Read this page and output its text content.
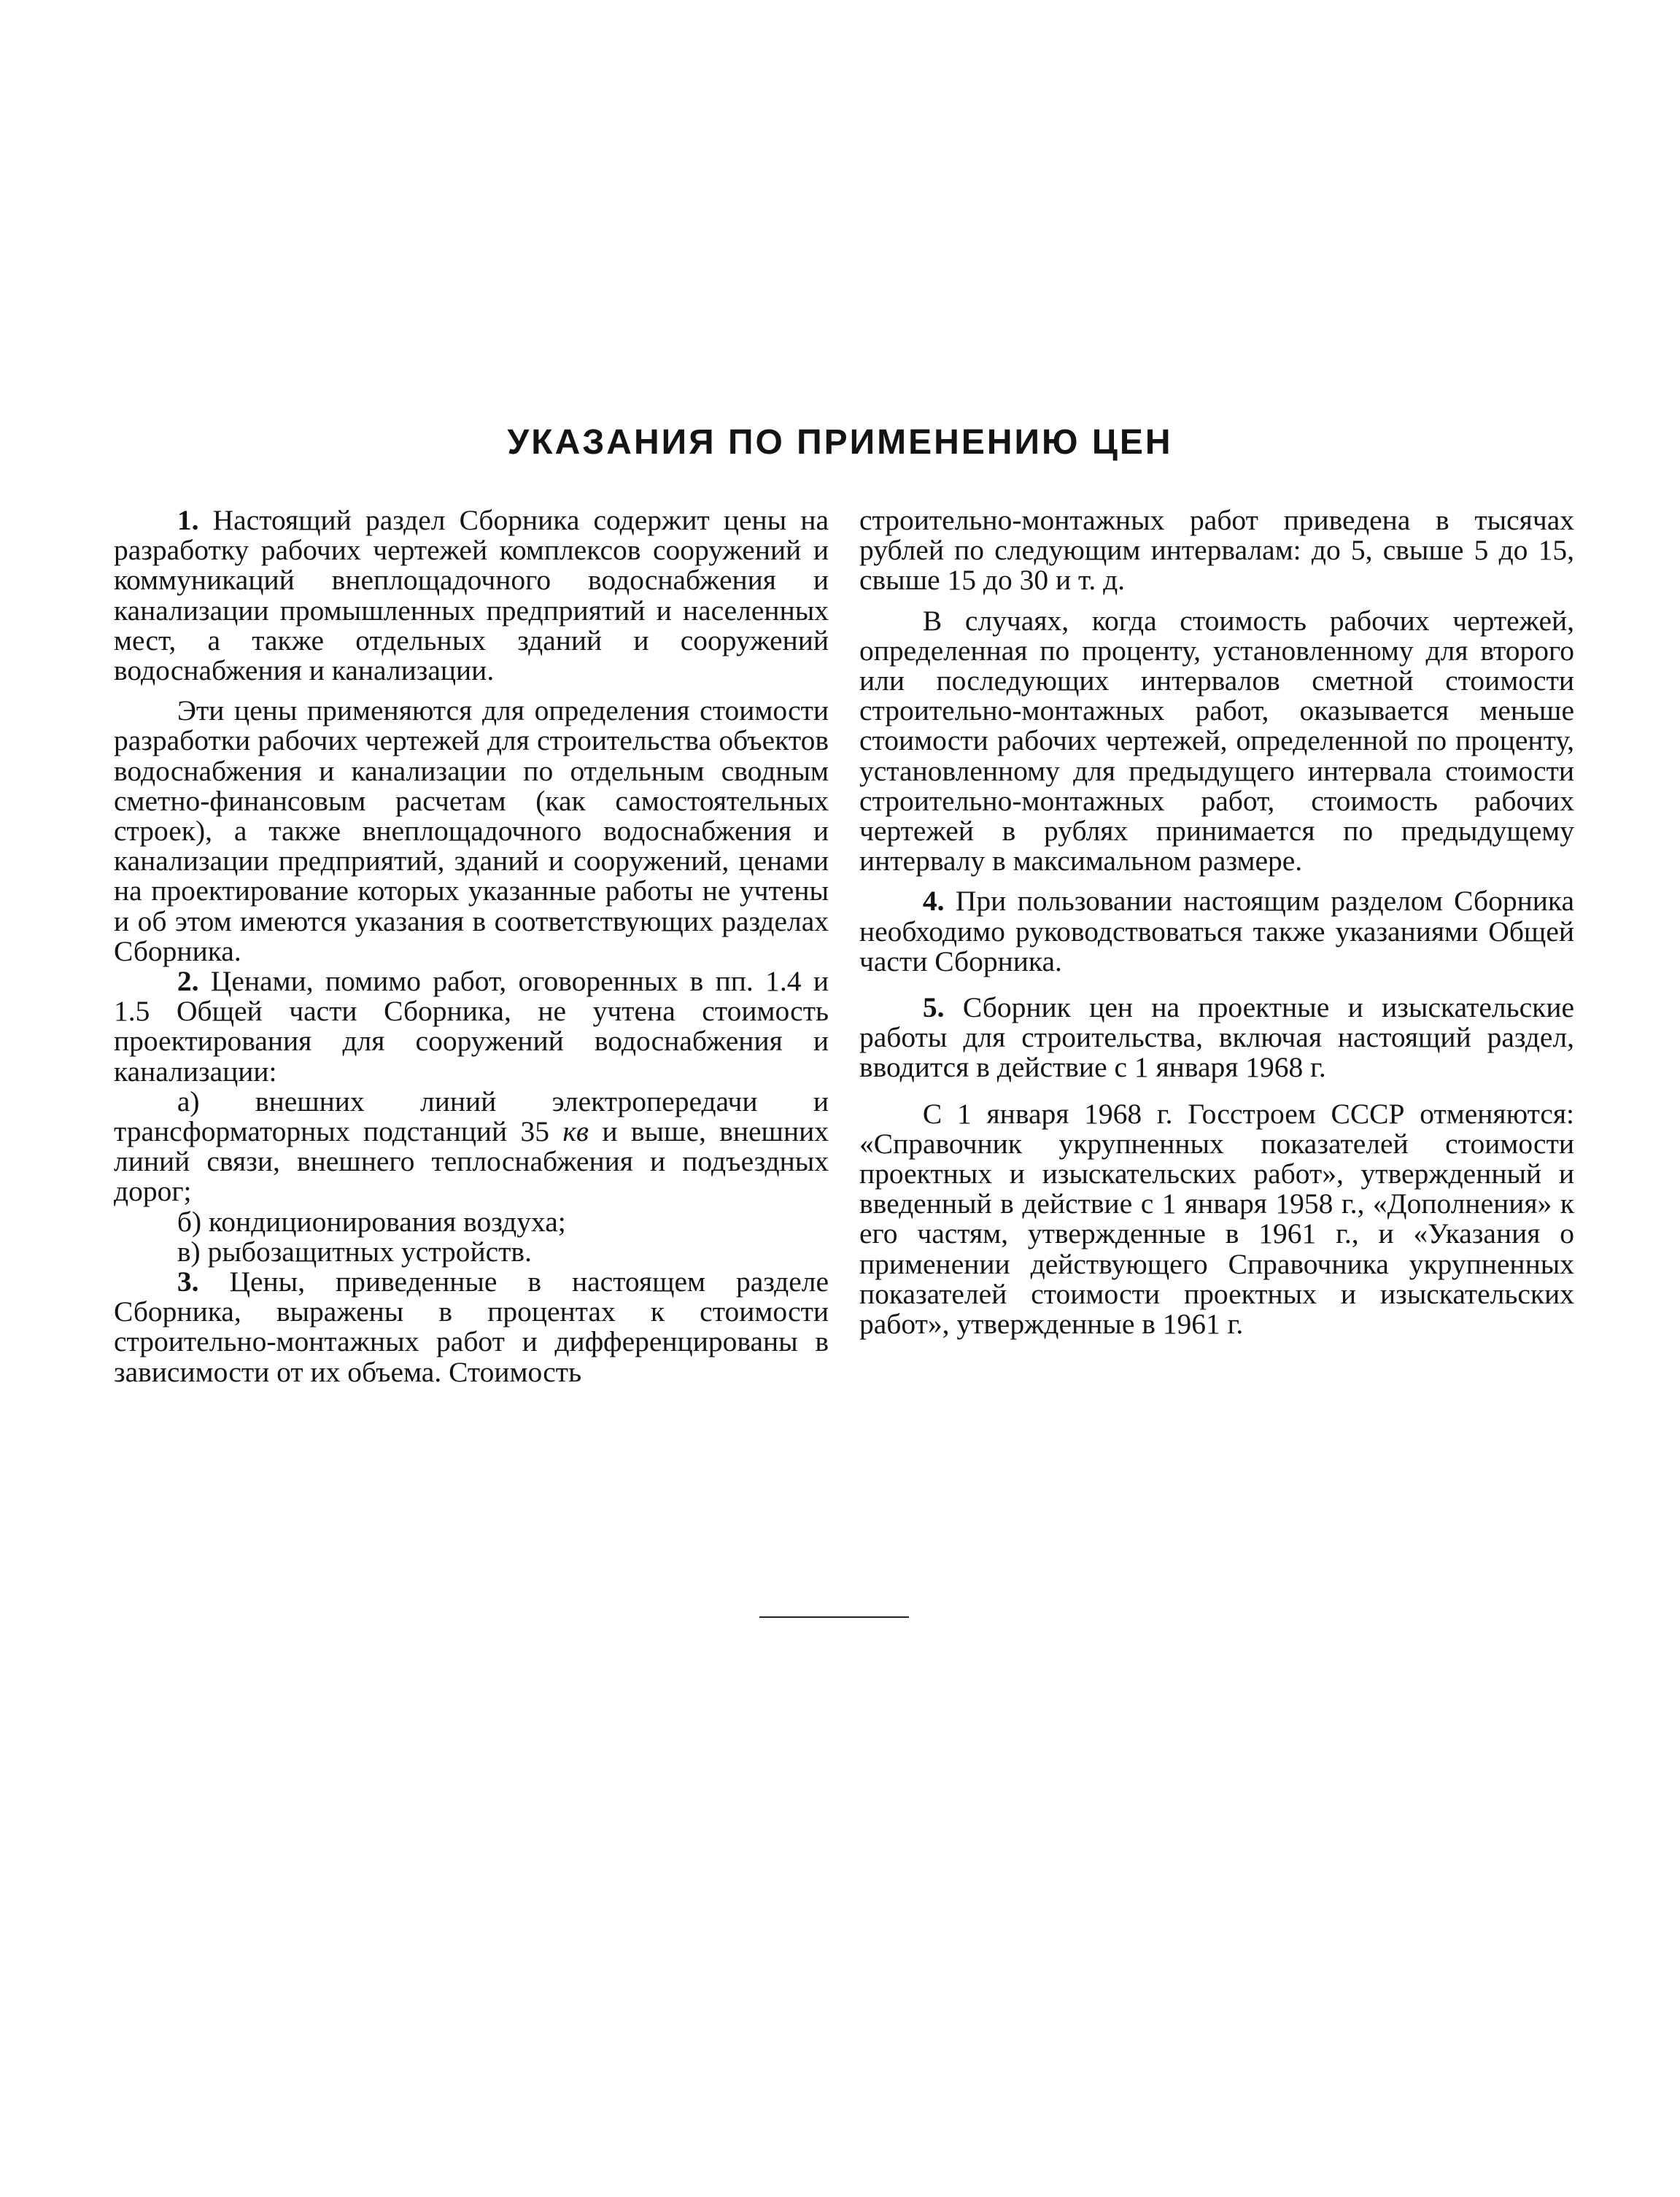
УКАЗАНИЯ ПО ПРИМЕНЕНИЮ ЦЕН

1. Настоящий раздел Сборника содержит цены на разработку рабочих чертежей комплексов сооружений и коммуникаций внеплощадочного водоснабжения и канализации промышленных предприятий и населенных мест, а также отдельных зданий и сооружений водоснабжения и канализации.

Эти цены применяются для определения стоимости разработки рабочих чертежей для строительства объектов водоснабжения и канализации по отдельным сводным сметно-финансовым расчетам (как самостоятельных строек), а также внеплощадочного водоснабжения и канализации предприятий, зданий и сооружений, ценами на проектирование которых указанные работы не учтены и об этом имеются указания в соответствующих разделах Сборника.

2. Ценами, помимо работ, оговоренных в пп. 1.4 и 1.5 Общей части Сборника, не учтена стоимость проектирования для сооружений водоснабжения и канализации:

а) внешних линий электропередачи и трансформаторных подстанций 35 кв и выше, внешних линий связи, внешнего теплоснабжения и подъездных дорог;

б) кондиционирования воздуха;

в) рыбозащитных устройств.

3. Цены, приведенные в настоящем разделе Сборника, выражены в процентах к стоимости строительно-монтажных работ и дифференцированы в зависимости от их объема. Стоимость

строительно-монтажных работ приведена в тысячах рублей по следующим интервалам: до 5, свыше 5 до 15, свыше 15 до 30 и т. д.

В случаях, когда стоимость рабочих чертежей, определенная по проценту, установленному для второго или последующих интервалов сметной стоимости строительно-монтажных работ, оказывается меньше стоимости рабочих чертежей, определенной по проценту, установленному для предыдущего интервала стоимости строительно-монтажных работ, стоимость рабочих чертежей в рублях принимается по предыдущему интервалу в максимальном размере.

4. При пользовании настоящим разделом Сборника необходимо руководствоваться также указаниями Общей части Сборника.

5. Сборник цен на проектные и изыскательские работы для строительства, включая настоящий раздел, вводится в действие с 1 января 1968 г.

С 1 января 1968 г. Госстроем СССР отменяются: «Справочник укрупненных показателей стоимости проектных и изыскательских работ», утвержденный и введенный в действие с 1 января 1958 г., «Дополнения» к его частям, утвержденные в 1961 г., и «Указания о применении действующего Справочника укрупненных показателей стоимости проектных и изыскательских работ», утвержденные в 1961 г.
